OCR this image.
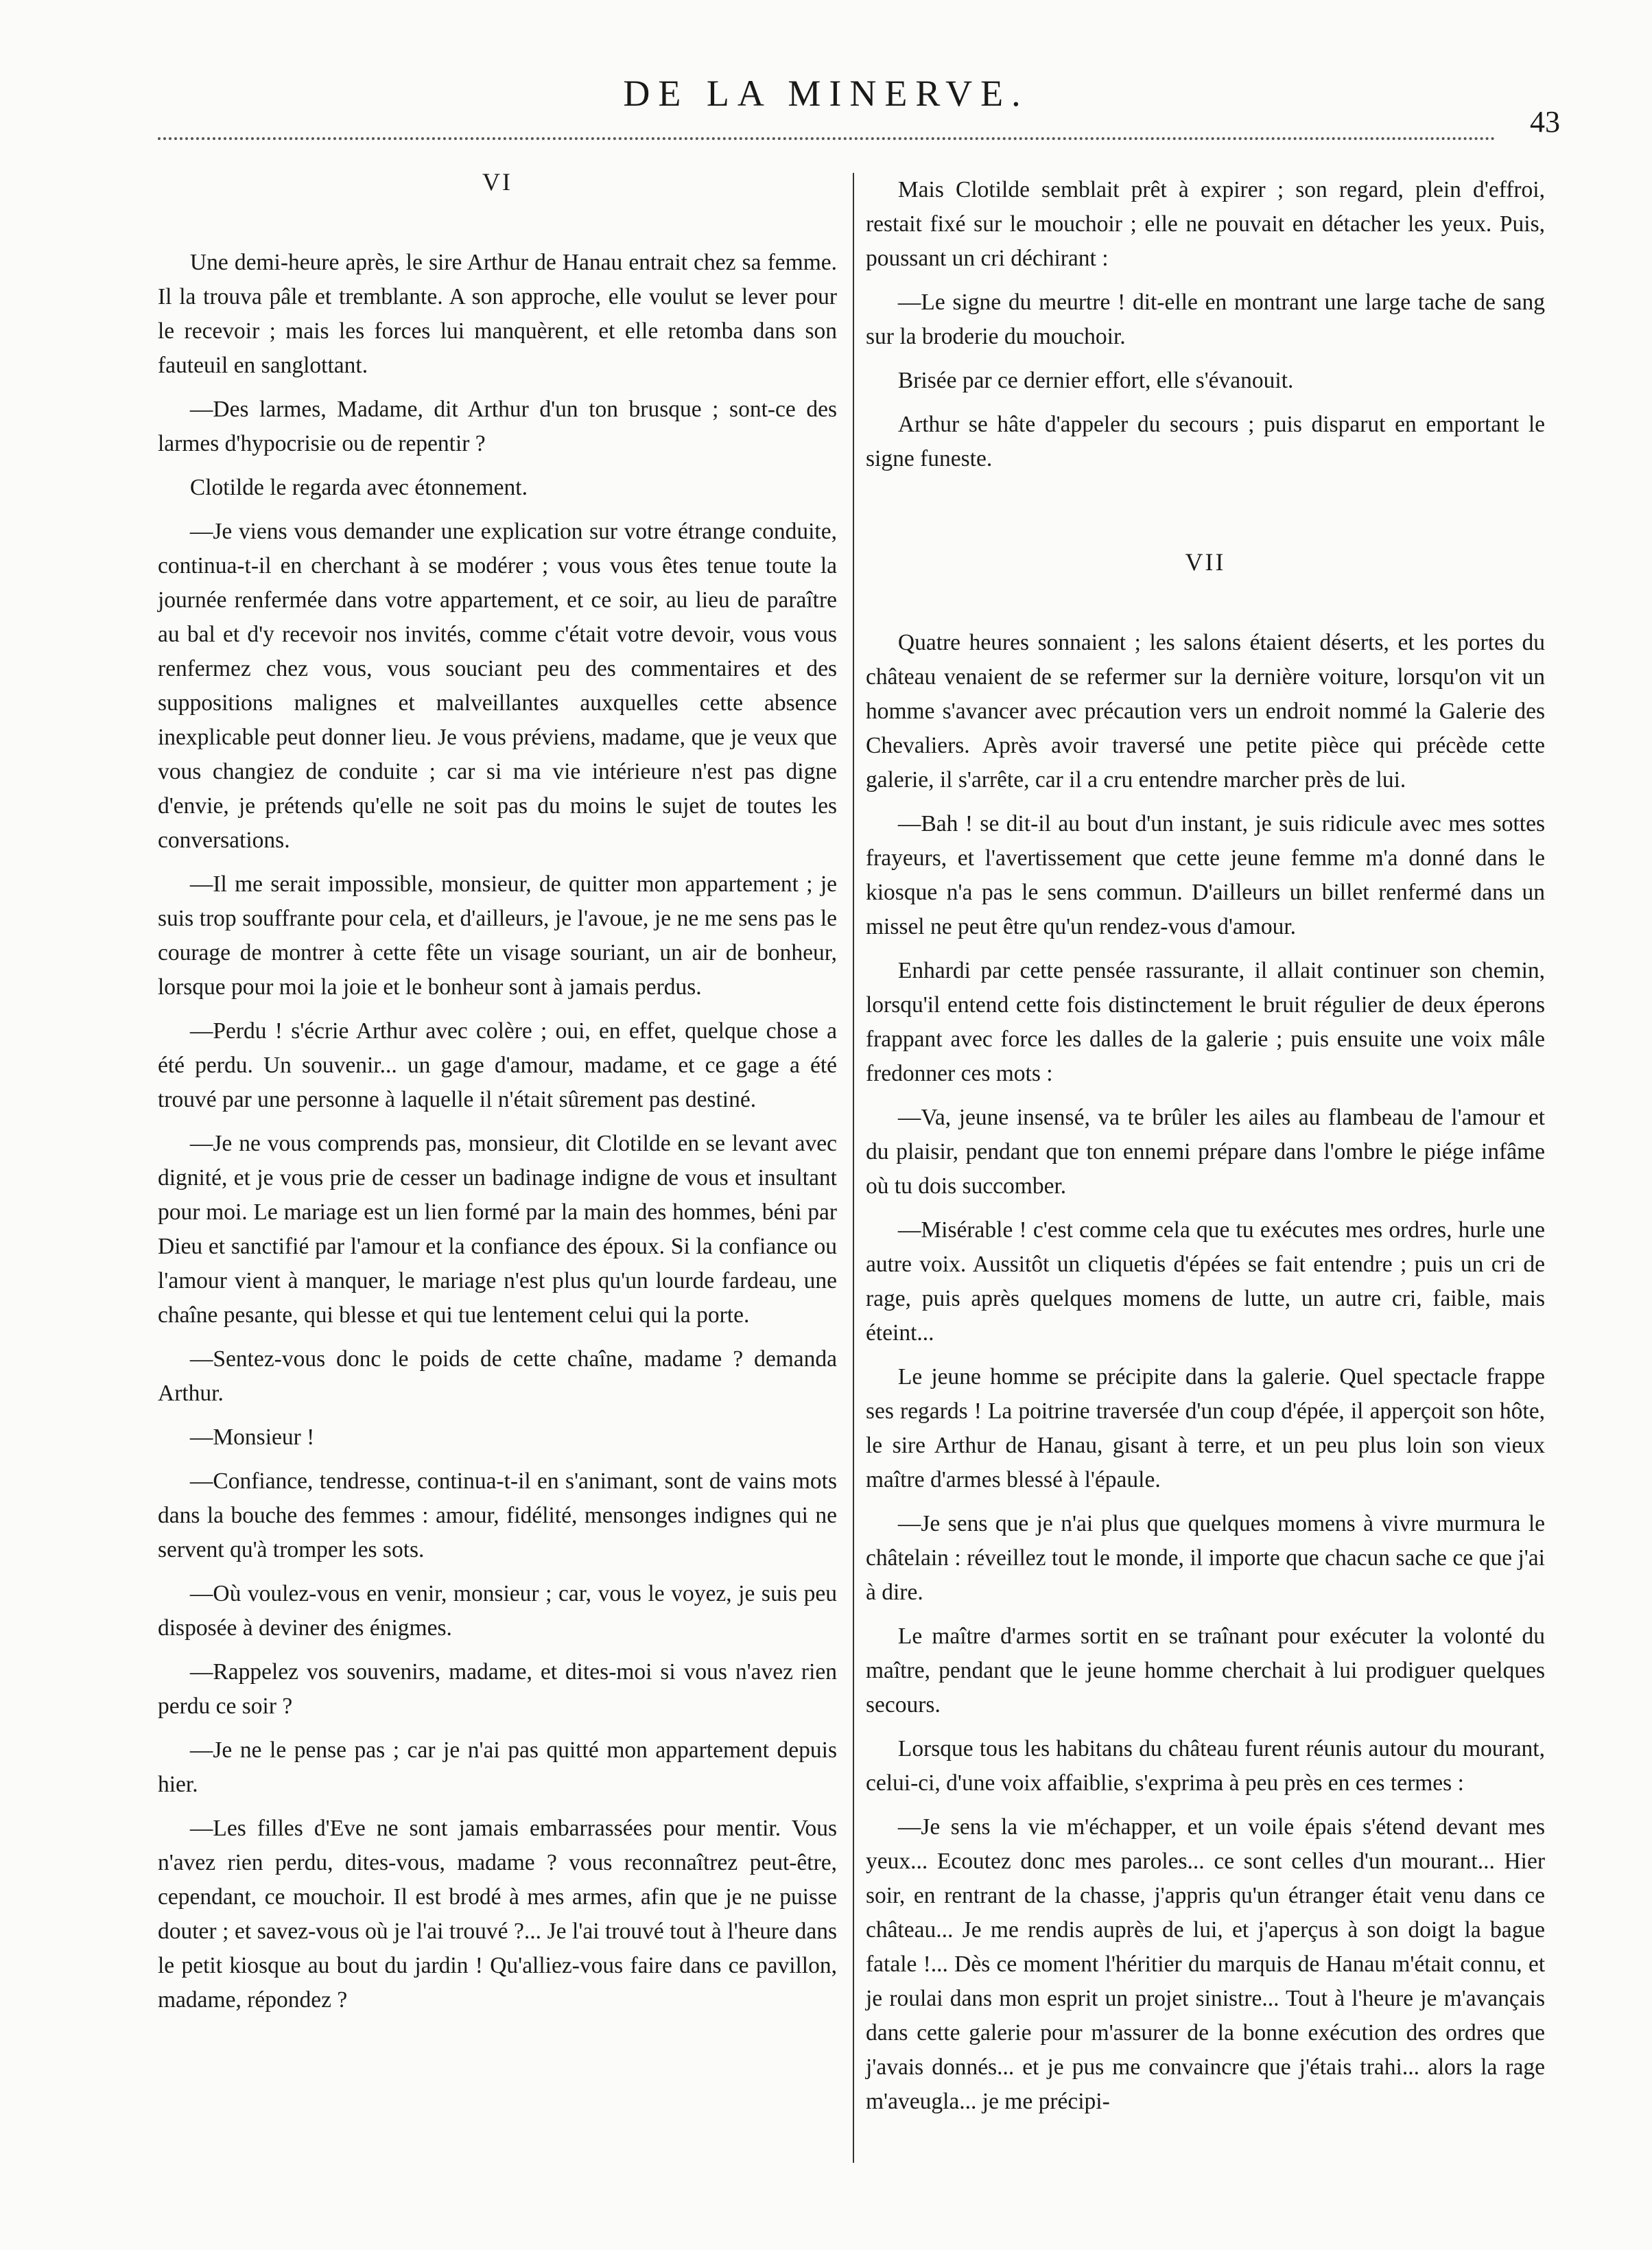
DE LA MINERVE.
43
VI

Une demi-heure après, le sire Arthur de Hanau entrait chez sa femme. Il la trouva pâle et tremblante. A son approche, elle voulut se lever pour le recevoir ; mais les forces lui manquèrent, et elle retomba dans son fauteuil en sanglottant.

—Des larmes, Madame, dit Arthur d'un ton brusque ; sont-ce des larmes d'hypocrisie ou de repentir ?

Clotilde le regarda avec étonnement.

—Je viens vous demander une explication sur votre étrange conduite, continua-t-il en cherchant à se modérer ; vous vous êtes tenue toute la journée renfermée dans votre appartement, et ce soir, au lieu de paraître au bal et d'y recevoir nos invités, comme c'était votre devoir, vous vous renfermez chez vous, vous souciant peu des commentaires et des suppositions malignes et malveillantes auxquelles cette absence inexplicable peut donner lieu. Je vous préviens, madame, que je veux que vous changiez de conduite ; car si ma vie intérieure n'est pas digne d'envie, je prétends qu'elle ne soit pas du moins le sujet de toutes les conversations.

—Il me serait impossible, monsieur, de quitter mon appartement ; je suis trop souffrante pour cela, et d'ailleurs, je l'avoue, je ne me sens pas le courage de montrer à cette fête un visage souriant, un air de bonheur, lorsque pour moi la joie et le bonheur sont à jamais perdus.

—Perdu ! s'écrie Arthur avec colère ; oui, en effet, quelque chose a été perdu. Un souvenir... un gage d'amour, madame, et ce gage a été trouvé par une personne à laquelle il n'était sûrement pas destiné.

—Je ne vous comprends pas, monsieur, dit Clotilde en se levant avec dignité, et je vous prie de cesser un badinage indigne de vous et insultant pour moi. Le mariage est un lien formé par la main des hommes, béni par Dieu et sanctifié par l'amour et la confiance des époux. Si la confiance ou l'amour vient à manquer, le mariage n'est plus qu'un lourde fardeau, une chaîne pesante, qui blesse et qui tue lentement celui qui la porte.

—Sentez-vous donc le poids de cette chaîne, madame ? demanda Arthur.

—Monsieur !

—Confiance, tendresse, continua-t-il en s'animant, sont de vains mots dans la bouche des femmes : amour, fidélité, mensonges indignes qui ne servent qu'à tromper les sots.

—Où voulez-vous en venir, monsieur ; car, vous le voyez, je suis peu disposée à deviner des énigmes.

—Rappelez vos souvenirs, madame, et dites-moi si vous n'avez rien perdu ce soir ?

—Je ne le pense pas ; car je n'ai pas quitté mon appartement depuis hier.

—Les filles d'Eve ne sont jamais embarrassées pour mentir. Vous n'avez rien perdu, dites-vous, madame ? vous reconnaîtrez peut-être, cependant, ce mouchoir. Il est brodé à mes armes, afin que je ne puisse douter ; et savez-vous où je l'ai trouvé ?... Je l'ai trouvé tout à l'heure dans le petit kiosque au bout du jardin ! Qu'alliez-vous faire dans ce pavillon, madame, répondez ?

Mais Clotilde semblait prêt à expirer ; son regard, plein d'effroi, restait fixé sur le mouchoir ; elle ne pouvait en détacher les yeux. Puis, poussant un cri déchirant :

—Le signe du meurtre ! dit-elle en montrant une large tache de sang sur la broderie du mouchoir.

Brisée par ce dernier effort, elle s'évanouit.

Arthur se hâte d'appeler du secours ; puis disparut en emportant le signe funeste.

VII

Quatre heures sonnaient ; les salons étaient déserts, et les portes du château venaient de se refermer sur la dernière voiture, lorsqu'on vit un homme s'avancer avec précaution vers un endroit nommé la Galerie des Chevaliers. Après avoir traversé une petite pièce qui précède cette galerie, il s'arrête, car il a cru entendre marcher près de lui.

—Bah ! se dit-il au bout d'un instant, je suis ridicule avec mes sottes frayeurs, et l'avertissement que cette jeune femme m'a donné dans le kiosque n'a pas le sens commun. D'ailleurs un billet renfermé dans un missel ne peut être qu'un rendez-vous d'amour.

Enhardi par cette pensée rassurante, il allait continuer son chemin, lorsqu'il entend cette fois distinctement le bruit régulier de deux éperons frappant avec force les dalles de la galerie ; puis ensuite une voix mâle fredonner ces mots :

—Va, jeune insensé, va te brûler les ailes au flambeau de l'amour et du plaisir, pendant que ton ennemi prépare dans l'ombre le piége infâme où tu dois succomber.

—Misérable ! c'est comme cela que tu exécutes mes ordres, hurle une autre voix. Aussitôt un cliquetis d'épées se fait entendre ; puis un cri de rage, puis après quelques momens de lutte, un autre cri, faible, mais éteint...

Le jeune homme se précipite dans la galerie. Quel spectacle frappe ses regards ! La poitrine traversée d'un coup d'épée, il apperçoit son hôte, le sire Arthur de Hanau, gisant à terre, et un peu plus loin son vieux maître d'armes blessé à l'épaule.

—Je sens que je n'ai plus que quelques momens à vivre murmura le châtelain : réveillez tout le monde, il importe que chacun sache ce que j'ai à dire.

Le maître d'armes sortit en se traînant pour exécuter la volonté du maître, pendant que le jeune homme cherchait à lui prodiguer quelques secours.

Lorsque tous les habitans du château furent réunis autour du mourant, celui-ci, d'une voix affaiblie, s'exprima à peu près en ces termes :

—Je sens la vie m'échapper, et un voile épais s'étend devant mes yeux... Ecoutez donc mes paroles... ce sont celles d'un mourant... Hier soir, en rentrant de la chasse, j'appris qu'un étranger était venu dans ce château... Je me rendis auprès de lui, et j'aperçus à son doigt la bague fatale !... Dès ce moment l'héritier du marquis de Hanau m'était connu, et je roulai dans mon esprit un projet sinistre... Tout à l'heure je m'avançais dans cette galerie pour m'assurer de la bonne exécution des ordres que j'avais donnés... et je pus me convaincre que j'étais trahi... alors la rage m'aveugla... je me précipi-
